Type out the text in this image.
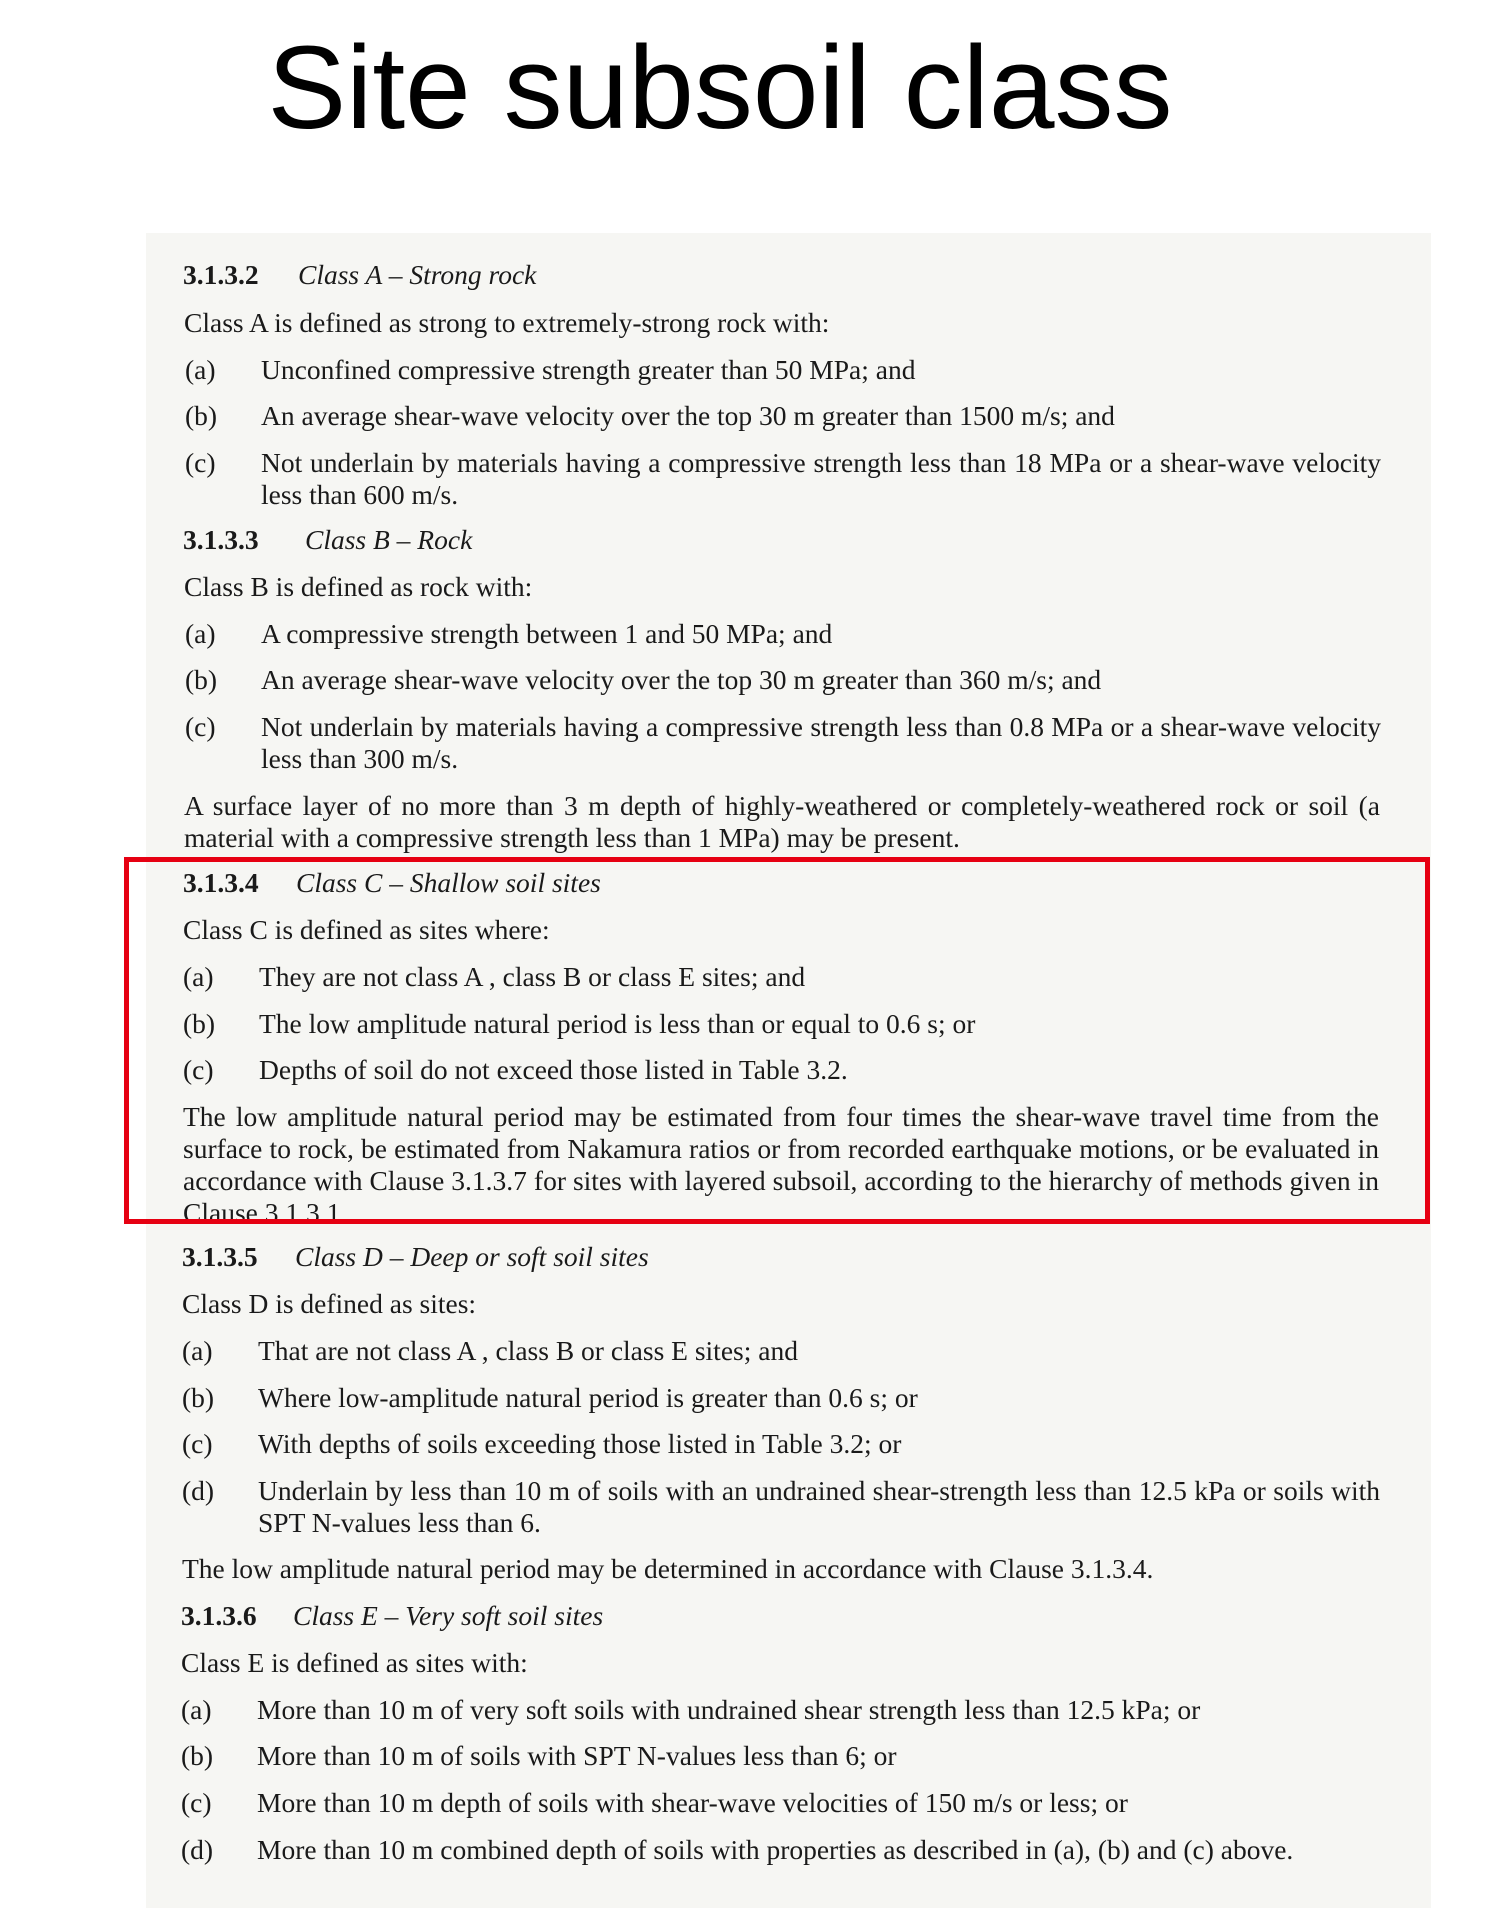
Site subsoil class
3.1.3.2 Class A – Strong rock
Class A is defined as strong to extremely-strong rock with:
(a) Unconfined compressive strength greater than 50 MPa; and
(b) An average shear-wave velocity over the top 30 m greater than 1500 m/s; and
(c) Not underlain by materials having a compressive strength less than 18 MPa or a shear-wave velocity less than 600 m/s.
3.1.3.3 Class B – Rock
Class B is defined as rock with:
(a) A compressive strength between 1 and 50 MPa; and
(b) An average shear-wave velocity over the top 30 m greater than 360 m/s; and
(c) Not underlain by materials having a compressive strength less than 0.8 MPa or a shear-wave velocity less than 300 m/s.
A surface layer of no more than 3 m depth of highly-weathered or completely-weathered rock or soil (a material with a compressive strength less than 1 MPa) may be present.
3.1.3.4 Class C – Shallow soil sites
Class C is defined as sites where:
(a) They are not class A , class B or class E sites; and
(b) The low amplitude natural period is less than or equal to 0.6 s; or
(c) Depths of soil do not exceed those listed in Table 3.2.
The low amplitude natural period may be estimated from four times the shear-wave travel time from the surface to rock, be estimated from Nakamura ratios or from recorded earthquake motions, or be evaluated in accordance with Clause 3.1.3.7 for sites with layered subsoil, according to the hierarchy of methods given in Clause 3.1.3.1.
3.1.3.5 Class D – Deep or soft soil sites
Class D is defined as sites:
(a) That are not class A , class B or class E sites; and
(b) Where low-amplitude natural period is greater than 0.6 s; or
(c) With depths of soils exceeding those listed in Table 3.2; or
(d) Underlain by less than 10 m of soils with an undrained shear-strength less than 12.5 kPa or soils with SPT N-values less than 6.
The low amplitude natural period may be determined in accordance with Clause 3.1.3.4.
3.1.3.6 Class E – Very soft soil sites
Class E is defined as sites with:
(a) More than 10 m of very soft soils with undrained shear strength less than 12.5 kPa; or
(b) More than 10 m of soils with SPT N-values less than 6; or
(c) More than 10 m depth of soils with shear-wave velocities of 150 m/s or less; or
(d) More than 10 m combined depth of soils with properties as described in (a), (b) and (c) above.
